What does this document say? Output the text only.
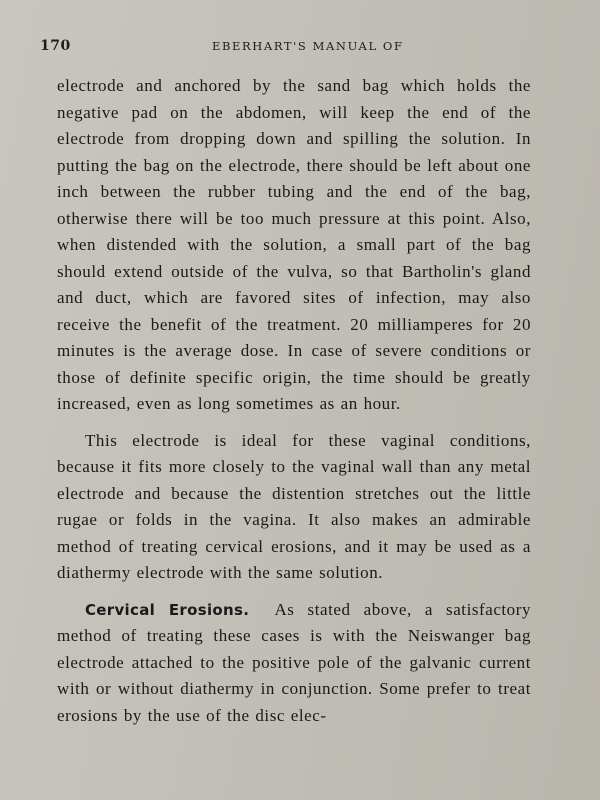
170	EBERHART'S MANUAL OF

electrode and anchored by the sand bag which holds the negative pad on the abdomen, will keep the end of the electrode from dropping down and spilling the solution. In putting the bag on the electrode, there should be left about one inch between the rubber tubing and the end of the bag, otherwise there will be too much pressure at this point. Also, when distended with the solution, a small part of the bag should extend outside of the vulva, so that Bartholin's gland and duct, which are favored sites of infection, may also receive the benefit of the treatment. 20 milliamperes for 20 minutes is the average dose. In case of severe conditions or those of definite specific origin, the time should be greatly increased, even as long sometimes as an hour.

This electrode is ideal for these vaginal conditions, because it fits more closely to the vaginal wall than any metal electrode and because the distention stretches out the little rugae or folds in the vagina. It also makes an admirable method of treating cervical erosions, and it may be used as a diathermy electrode with the same solution.

Cervical Erosions. As stated above, a satisfactory method of treating these cases is with the Neiswanger bag electrode attached to the positive pole of the galvanic current with or without diathermy in conjunction. Some prefer to treat erosions by the use of the disc elec-
